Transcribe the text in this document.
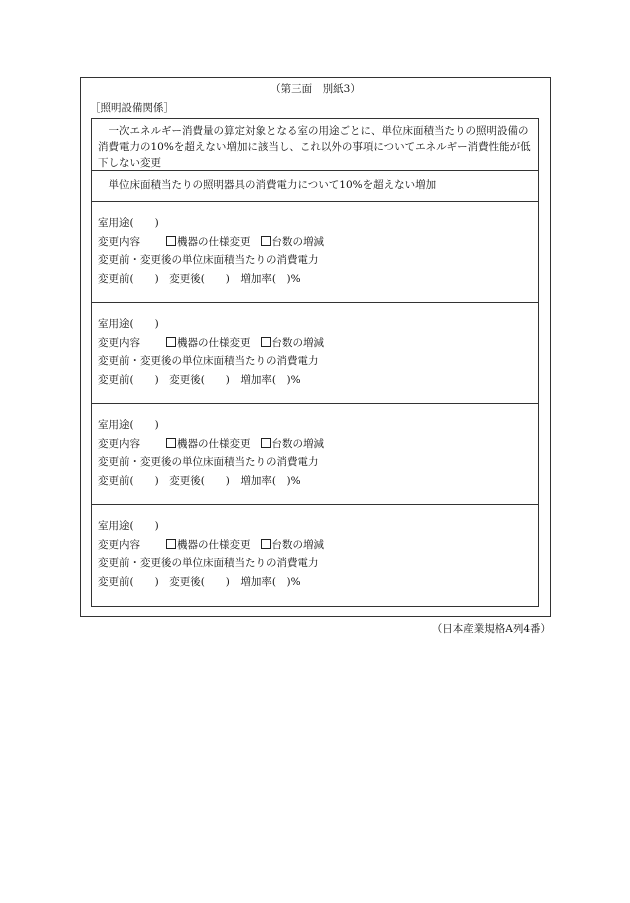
（第三面　別紙3）
［照明設備関係］
一次エネルギー消費量の算定対象となる室の用途ごとに、単位床面積当たりの照明設備の消費電力の10%を超えない増加に該当し、これ以外の事項についてエネルギー消費性能が低下しない変更
単位床面積当たりの照明器具の消費電力について10%を超えない増加
室用途(　　)
変更内容	機器の仕様変更 台数の増減
変更前・変更後の単位床面積当たりの消費電力
変更前(　　)　 変更後(　　)　 増加率(　)%
室用途(　　)
変更内容	機器の仕様変更 台数の増減
変更前・変更後の単位床面積当たりの消費電力
変更前(　　)　 変更後(　　)　 増加率(　)%
室用途(　　)
変更内容	機器の仕様変更 台数の増減
変更前・変更後の単位床面積当たりの消費電力
変更前(　　)　 変更後(　　)　 増加率(　)%
室用途(　　)
変更内容	機器の仕様変更 台数の増減
変更前・変更後の単位床面積当たりの消費電力
変更前(　　)　 変更後(　　)　 増加率(　)%
（日本産業規格A列4番）
